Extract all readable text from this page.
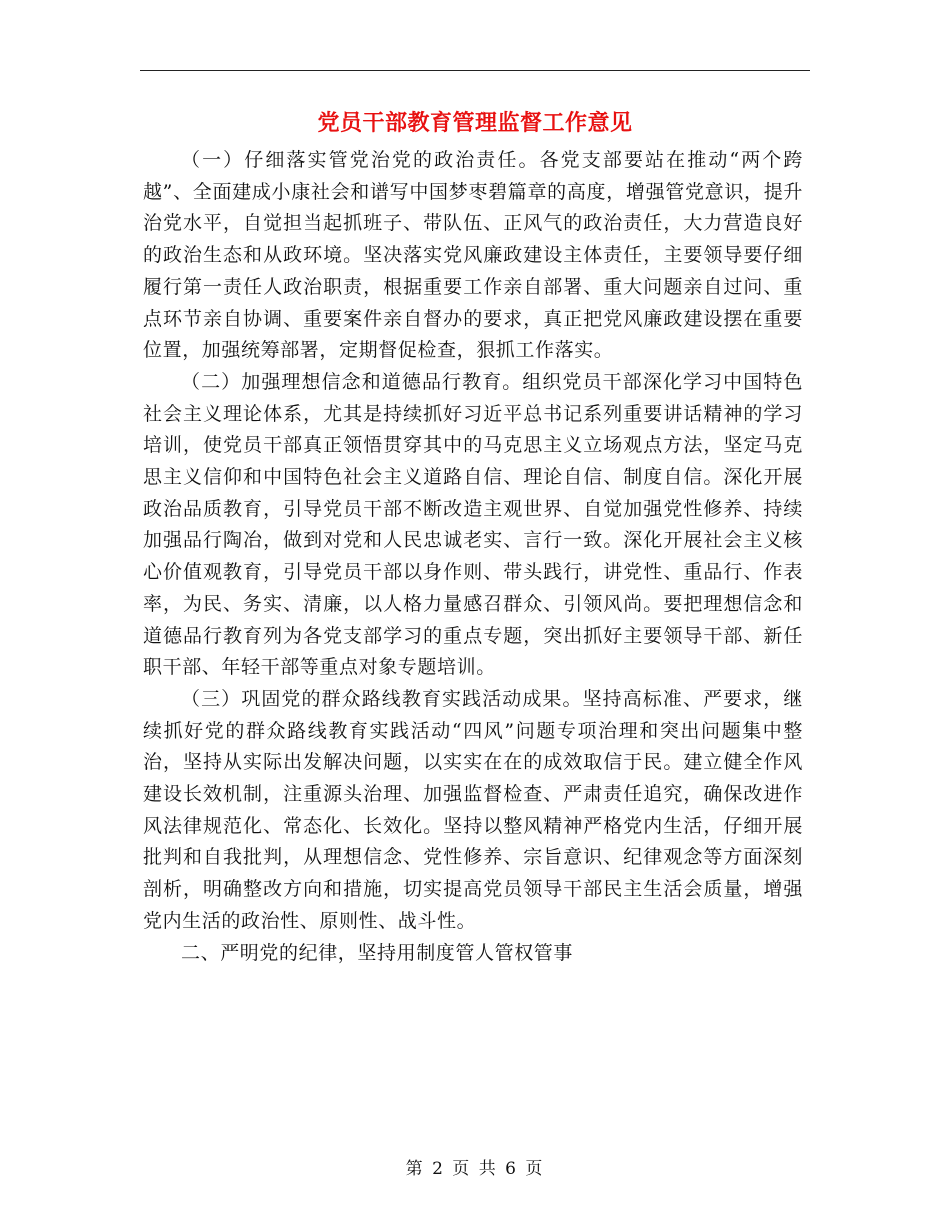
党员干部教育管理监督工作意见

（一）仔细落实管党治党的政治责任。各党支部要站在推动“两个跨越”、全面建成小康社会和谱写中国梦枣碧篇章的高度，增强管党意识，提升治党水平，自觉担当起抓班子、带队伍、正风气的政治责任，大力营造良好的政治生态和从政环境。坚决落实党风廉政建设主体责任，主要领导要仔细履行第一责任人政治职责，根据重要工作亲自部署、重大问题亲自过问、重点环节亲自协调、重要案件亲自督办的要求，真正把党风廉政建设摆在重要位置，加强统筹部署，定期督促检查，狠抓工作落实。

（二）加强理想信念和道德品行教育。组织党员干部深化学习中国特色社会主义理论体系，尤其是持续抓好习近平总书记系列重要讲话精神的学习培训，使党员干部真正领悟贯穿其中的马克思主义立场观点方法，坚定马克思主义信仰和中国特色社会主义道路自信、理论自信、制度自信。深化开展政治品质教育，引导党员干部不断改造主观世界、自觉加强党性修养、持续加强品行陶冶，做到对党和人民忠诚老实、言行一致。深化开展社会主义核心价值观教育，引导党员干部以身作则、带头践行，讲党性、重品行、作表率，为民、务实、清廉，以人格力量感召群众、引领风尚。要把理想信念和道德品行教育列为各党支部学习的重点专题，突出抓好主要领导干部、新任职干部、年轻干部等重点对象专题培训。

（三）巩固党的群众路线教育实践活动成果。坚持高标准、严要求，继续抓好党的群众路线教育实践活动“四风”问题专项治理和突出问题集中整治，坚持从实际出发解决问题，以实实在在的成效取信于民。建立健全作风建设长效机制，注重源头治理、加强监督检查、严肃责任追究，确保改进作风法律规范化、常态化、长效化。坚持以整风精神严格党内生活，仔细开展批判和自我批判，从理想信念、党性修养、宗旨意识、纪律观念等方面深刻剖析，明确整改方向和措施，切实提高党员领导干部民主生活会质量，增强党内生活的政治性、原则性、战斗性。

二、严明党的纪律，坚持用制度管人管权管事

第 2 页 共 6 页
